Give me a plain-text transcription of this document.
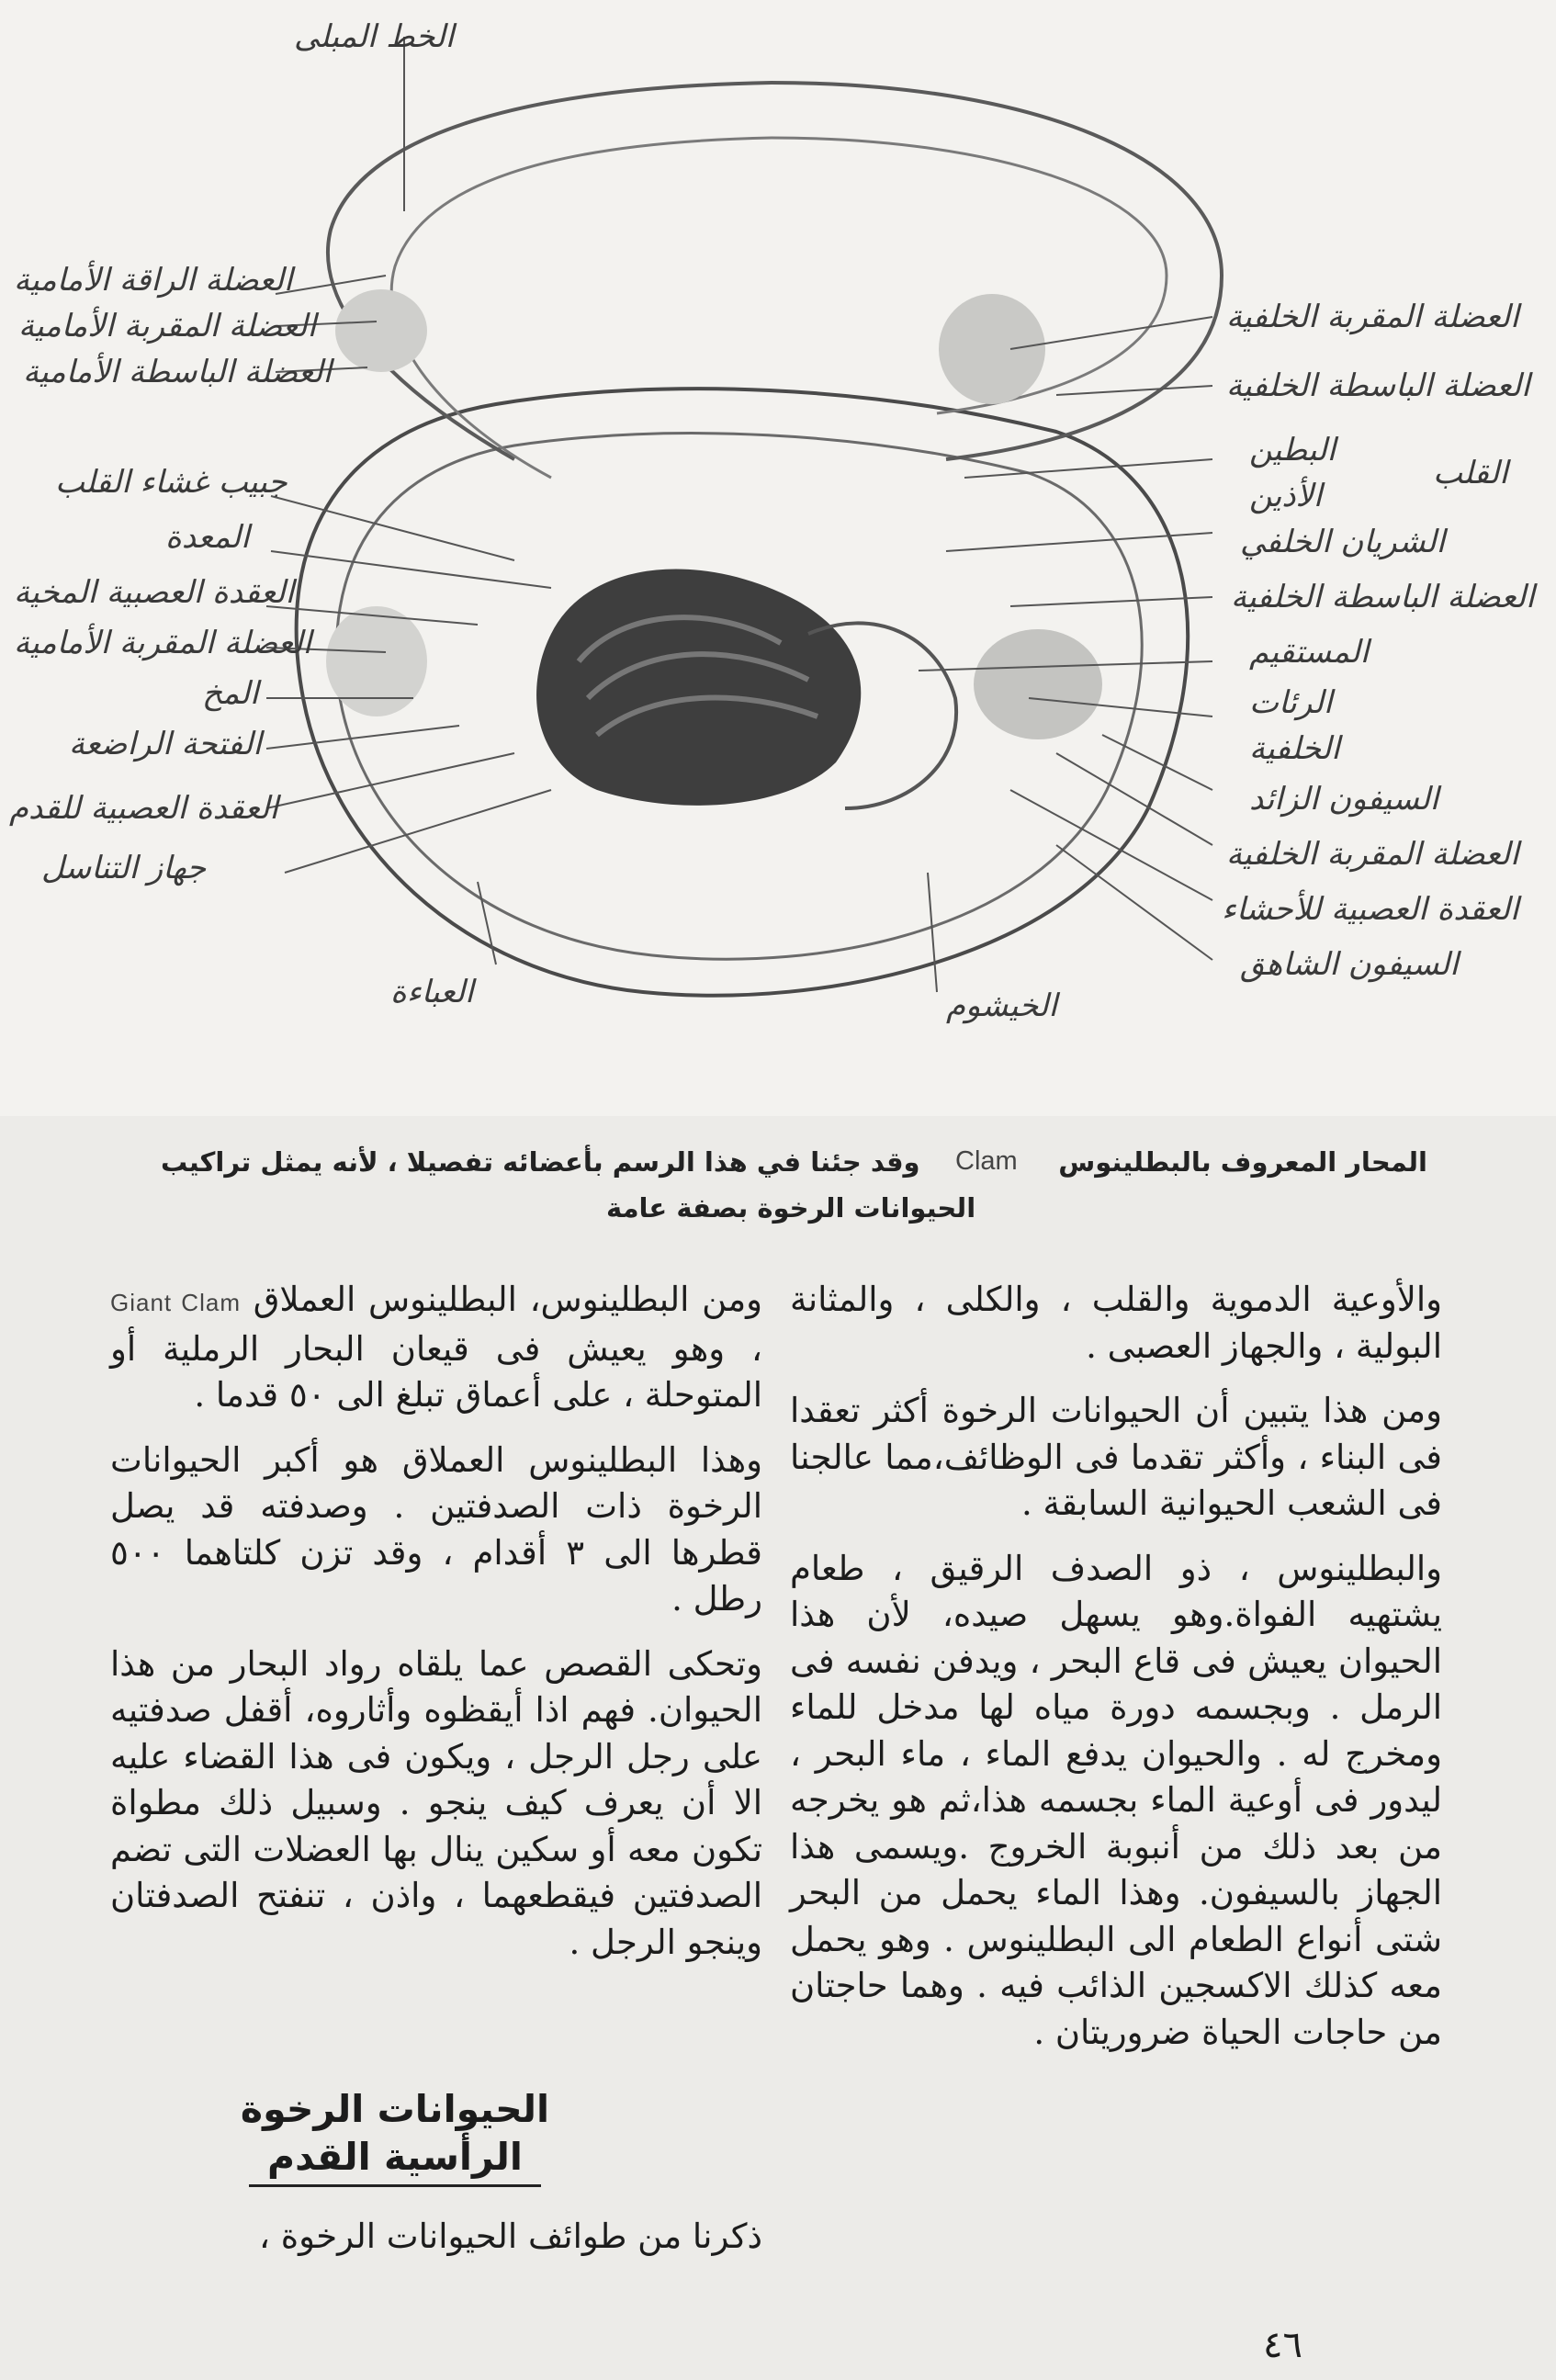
الخط المبلى
العضلة الراقة الأمامية
العضلة المقربة الأمامية
العضلة الباسطة الأمامية
جبيب غشاء القلب
المعدة
العقدة العصبية المخية
العضلة المقربة الأمامية
المخ
الفتحة الراضعة
العقدة العصبية للقدم
جهاز التناسل
العضلة المقربة الخلفية
العضلة الباسطة الخلفية
البطين
الأذين
القلب
الشريان الخلفي
العضلة الباسطة الخلفية
المستقيم
الرئات
الخلفية
السيفون الزائد
العضلة المقربة الخلفية
العقدة العصبية للأحشاء
السيفون الشاهق
العباءة	الخيشوم
المحار المعروف بالبطلينوس
Clam
وقد جئنا في هذا الرسم بأعضائه تفصيلا ، لأنه يمثل تراكيب
الحيوانات الرخوة بصفة عامة

والأوعية الدموية والقلب ، والكلى ، والمثانة البولية ، والجهاز العصبى .

ومن هذا يتبين أن الحيوانات الرخوة أكثر تعقدا فى البناء ، وأكثر تقدما فى الوظائف،مما عالجنا فى الشعب الحيوانية السابقة .

والبطلينوس ، ذو الصدف الرقيق ، طعام يشتهيه الفواة.وهو يسهل صيده، لأن هذا الحيوان يعيش فى قاع البحر ، ويدفن نفسه فى الرمل . وبجسمه دورة مياه لها مدخل للماء ومخرج له . والحيوان يدفع الماء ، ماء البحر ، ليدور فى أوعية الماء بجسمه هذا،ثم هو يخرجه من بعد ذلك من أنبوبة الخروج .ويسمى هذا الجهاز بالسيفون. وهذا الماء يحمل من البحر شتى أنواع الطعام الى البطلينوس . وهو يحمل معه كذلك الاكسجين الذائب فيه . وهما حاجتان من حاجات الحياة ضروريتان .

ومن البطلينوس، البطلينوس العملاق Giant Clam ، وهو يعيش فى قيعان البحار الرملية أو المتوحلة ، على أعماق تبلغ الى ٥٠ قدما .

وهذا البطلينوس العملاق هو أكبر الحيوانات الرخوة ذات الصدفتين . وصدفته قد يصل قطرها الى ٣ أقدام ، وقد تزن كلتاهما ٥٠٠ رطل .

وتحكى القصص عما يلقاه رواد البحار من هذا الحيوان. فهم اذا أيقظوه وأثاروه، أقفل صدفتيه على رجل الرجل ، ويكون فى هذا القضاء عليه الا أن يعرف كيف ينجو . وسبيل ذلك مطواة تكون معه أو سكين ينال بها العضلات التى تضم الصدفتين فيقطعهما ، واذن ، تنفتح الصدفتان وينجو الرجل .

الحيوانات الرخوة
الرأسية القدم

ذكرنا من طوائف الحيوانات الرخوة ،

٤٦
